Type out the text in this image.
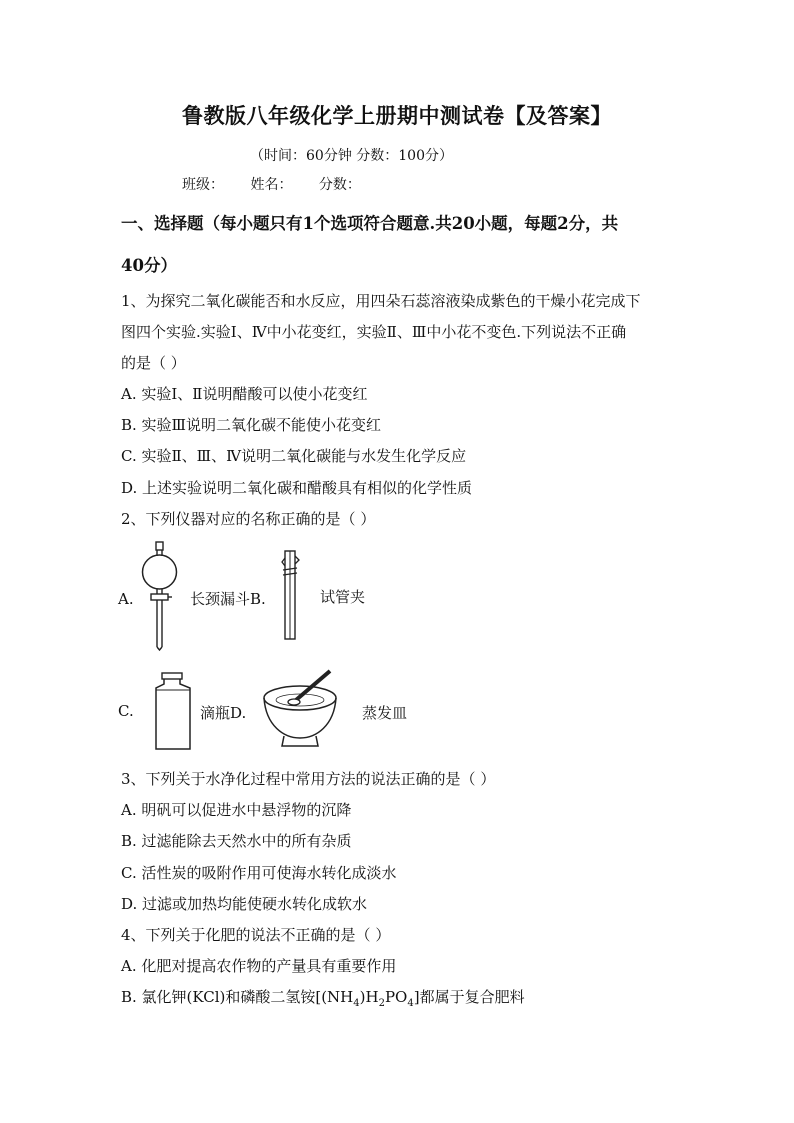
鲁教版八年级化学上册期中测试卷【及答案】
（时间：60分钟 分数：100分）
班级： 姓名： 分数：
一、选择题（每小题只有1个选项符合题意.共20小题，每题2分，共
40分）
1、为探究二氧化碳能否和水反应，用四朵石蕊溶液染成紫色的干燥小花完成下
图四个实验.实验Ⅰ、Ⅳ中小花变红，实验Ⅱ、Ⅲ中小花不变色.下列说法不正确
的是（ ）
A. 实验Ⅰ、Ⅱ说明醋酸可以使小花变红
B. 实验Ⅲ说明二氧化碳不能使小花变红
C. 实验Ⅱ、Ⅲ、Ⅳ说明二氧化碳能与水发生化学反应
D. 上述实验说明二氧化碳和醋酸具有相似的化学性质
2、下列仪器对应的名称正确的是（ ）
A.	长颈漏斗B.	试管夹
C.	滴瓶D.	蒸发皿
3、下列关于水净化过程中常用方法的说法正确的是（ ）
A. 明矾可以促进水中悬浮物的沉降
B. 过滤能除去天然水中的所有杂质
C. 活性炭的吸附作用可使海水转化成淡水
D. 过滤或加热均能使硬水转化成软水
4、下列关于化肥的说法不正确的是（ ）
A. 化肥对提高农作物的产量具有重要作用
B. 氯化钾(KCl)和磷酸二氢铵$[(NH_4)H_2PO_4]$都属于复合肥料
